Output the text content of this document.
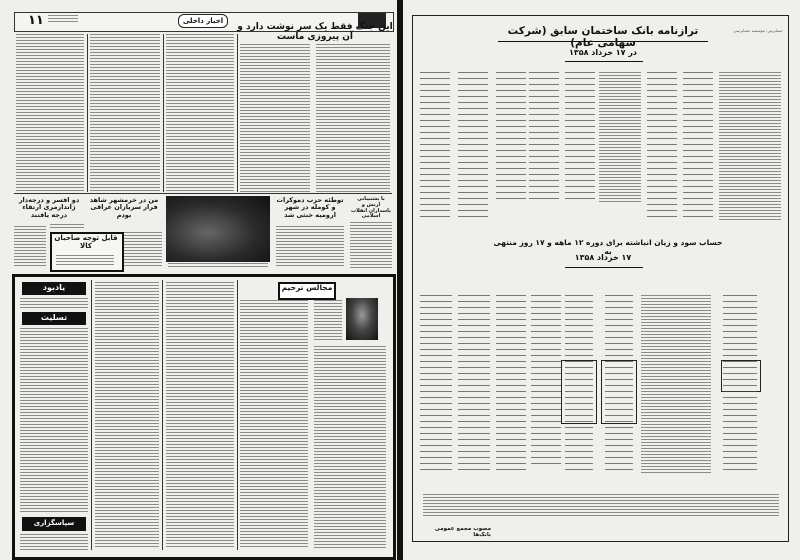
۱۱	اخبار داخلی
این جنگ فقط یک سر نوشت دارد و آن پیروزی ماست
دو افسر و درجه‌دار ژاندارمری ارتقاء درجه یافتند
من در خرمشهر شاهد فرار سربازان عراقی بودم
قابل توجه صاحبان کالا
توطئه حزب دموکرات و کومله در شهر ارومیه خنثی شد
با پشتیبانی ارتش و پاسداران انقلاب اسلامی
یادبود
تسلیت
سپاسگزاری
مجالس ترحیم
حسابرس: موسسه حسابرسی
ترازنامه بانک ساختمان سابق (شرکت سهامی عام)
در ۱۷ خرداد ۱۳۵۸
حساب سود و زیان انباشته برای دوره ۱۲ ماهه و ۱۷ روز منتهی به
۱۷ خرداد ۱۳۵۸
مصوب مجمع عمومی بانک‌ها
